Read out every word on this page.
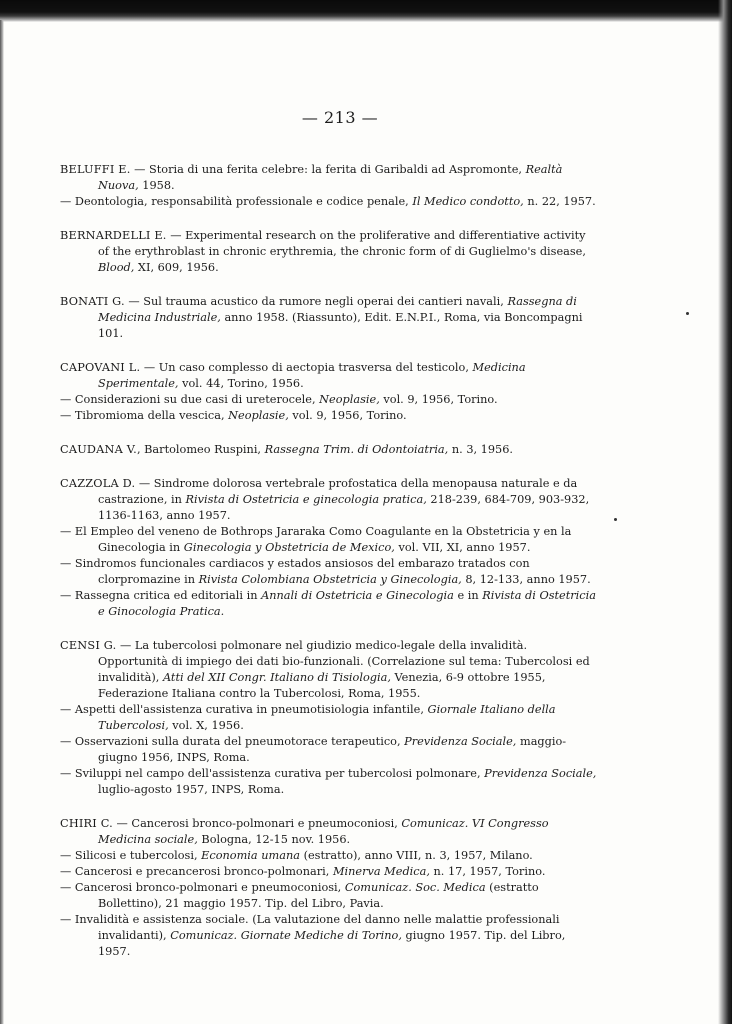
— 213 —
BELUFFI E. — Storia di una ferita celebre: la ferita di Garibaldi ad Aspromonte, Realtà Nuova, 1958.
— Deontologia, responsabilità professionale e codice penale, Il Medico condotto, n. 22, 1957.
BERNARDELLI E. — Experimental research on the proliferative and differentiative activity of the erythroblast in chronic erythremia, the chronic form of di Guglielmo's disease, Blood, XI, 609, 1956.
BONATI G. — Sul trauma acustico da rumore negli operai dei cantieri navali, Rassegna di Medicina Industriale, anno 1958. (Riassunto), Edit. E.N.P.I., Roma, via Boncompagni 101.
CAPOVANI L. — Un caso complesso di aectopia trasversa del testicolo, Medicina Sperimentale, vol. 44, Torino, 1956.
— Considerazioni su due casi di ureterocele, Neoplasie, vol. 9, 1956, Torino.
— Tibromioma della vescica, Neoplasie, vol. 9, 1956, Torino.
CAUDANA V., Bartolomeo Ruspini, Rassegna Trim. di Odontoiatria, n. 3, 1956.
CAZZOLA D. — Sindrome dolorosa vertebrale profostatica della menopausa naturale e da castrazione, in Rivista di Ostetricia e ginecologia pratica, 218-239, 684-709, 903-932, 1136-1163, anno 1957.
— El Empleo del veneno de Bothrops Jararaka Como Coagulante en la Obstetricia y en la Ginecologia in Ginecologia y Obstetricia de Mexico, vol. VII, XI, anno 1957.
— Sindromos funcionales cardiacos y estados ansiosos del embarazo tratados con clorpromazine in Rivista Colombiana Obstetricia y Ginecologia, 8, 12-133, anno 1957.
— Rassegna critica ed editoriali in Annali di Ostetricia e Ginecologia e in Rivista di Ostetricia e Ginocologia Pratica.
CENSI G. — La tubercolosi polmonare nel giudizio medico-legale della invalidità. Opportunità di impiego dei dati bio-funzionali. (Correlazione sul tema: Tubercolosi ed invalidità), Atti del XII Congr. Italiano di Tisiologia, Venezia, 6-9 ottobre 1955, Federazione Italiana contro la Tubercolosi, Roma, 1955.
— Aspetti dell'assistenza curativa in pneumotisiologia infantile, Giornale Italiano della Tubercolosi, vol. X, 1956.
— Osservazioni sulla durata del pneumotorace terapeutico, Previdenza Sociale, maggio-giugno 1956, INPS, Roma.
— Sviluppi nel campo dell'assistenza curativa per tubercolosi polmonare, Previdenza Sociale, luglio-agosto 1957, INPS, Roma.
CHIRI C. — Cancerosi bronco-polmonari e pneumoconiosi, Comunicaz. VI Congresso Medicina sociale, Bologna, 12-15 nov. 1956.
— Silicosi e tubercolosi, Economia umana (estratto), anno VIII, n. 3, 1957, Milano.
— Cancerosi e precancerosi bronco-polmonari, Minerva Medica, n. 17, 1957, Torino.
— Cancerosi bronco-polmonari e pneumoconiosi, Comunicaz. Soc. Medica (estratto Bollettino), 21 maggio 1957. Tip. del Libro, Pavia.
— Invalidità e assistenza sociale. (La valutazione del danno nelle malattie professionali invalidanti), Comunicaz. Giornate Mediche di Torino, giugno 1957. Tip. del Libro, 1957.
